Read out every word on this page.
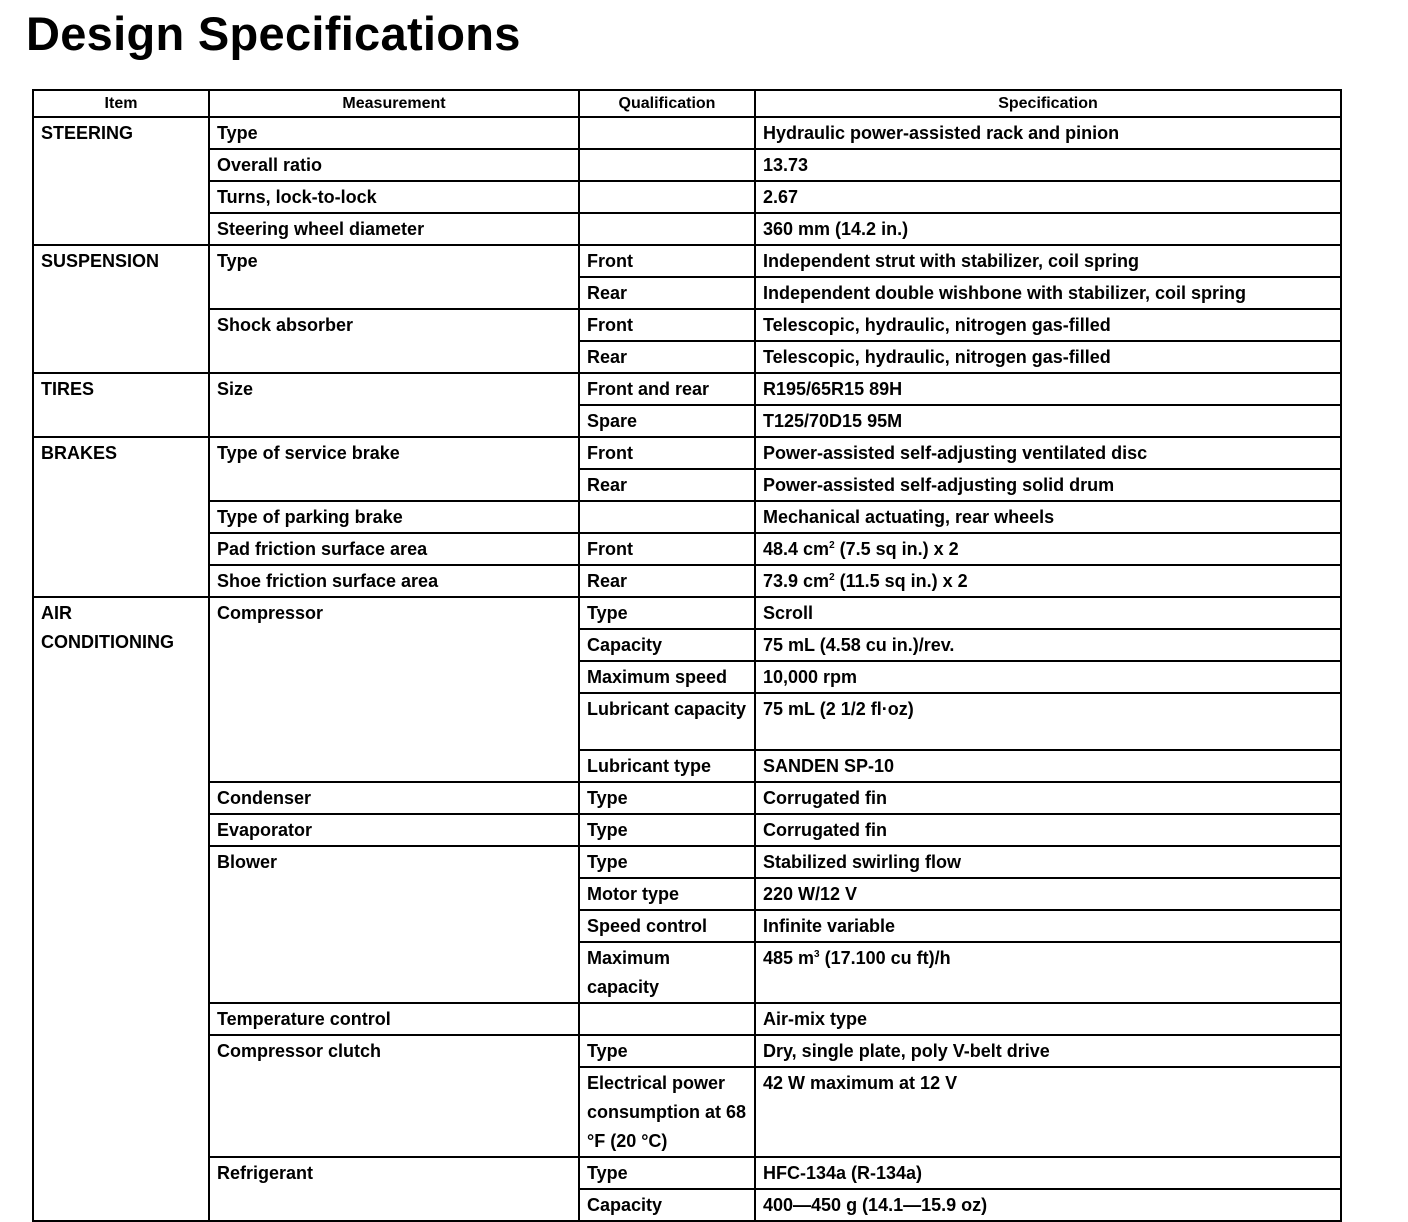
Design Specifications
Item	Measurement	Qualification	Specification
STEERING	Type		Hydraulic power-assisted rack and pinion
	Overall ratio		13.73
	Turns, lock-to-lock		2.67
	Steering wheel diameter		360 mm (14.2 in.)
SUSPENSION	Type	Front	Independent strut with stabilizer, coil spring
		Rear	Independent double wishbone with stabilizer, coil spring
	Shock absorber	Front	Telescopic, hydraulic, nitrogen gas-filled
		Rear	Telescopic, hydraulic, nitrogen gas-filled
TIRES	Size	Front and rear	R195/65R15 89H
		Spare	T125/70D15 95M
BRAKES	Type of service brake	Front	Power-assisted self-adjusting ventilated disc
		Rear	Power-assisted self-adjusting solid drum
	Type of parking brake		Mechanical actuating, rear wheels
	Pad friction surface area	Front	48.4 $cm^2$ (7.5 sq in.) x 2
	Shoe friction surface area	Rear	73.9 $cm^2$ (11.5 sq in.) x 2
AIR CONDITIONING	Compressor	Type	Scroll
		Capacity	75 mL (4.58 cu in.)/rev.
		Maximum speed	10,000 rpm
		Lubricant capacity	75 mL (2 1/2 fl·oz)
		Lubricant type	SANDEN SP-10
	Condenser	Type	Corrugated fin
	Evaporator	Type	Corrugated fin
	Blower	Type	Stabilized swirling flow
		Motor type	220 W/12 V
		Speed control	Infinite variable
		Maximum capacity	485 $m^3$ (17.100 cu ft)/h
	Temperature control		Air-mix type
	Compressor clutch	Type	Dry, single plate, poly V-belt drive
		Electrical power consumption at 68 °F (20 °C)	42 W maximum at 12 V
	Refrigerant	Type	HFC-134a (R-134a)
		Capacity	400—450 g (14.1—15.9 oz)
